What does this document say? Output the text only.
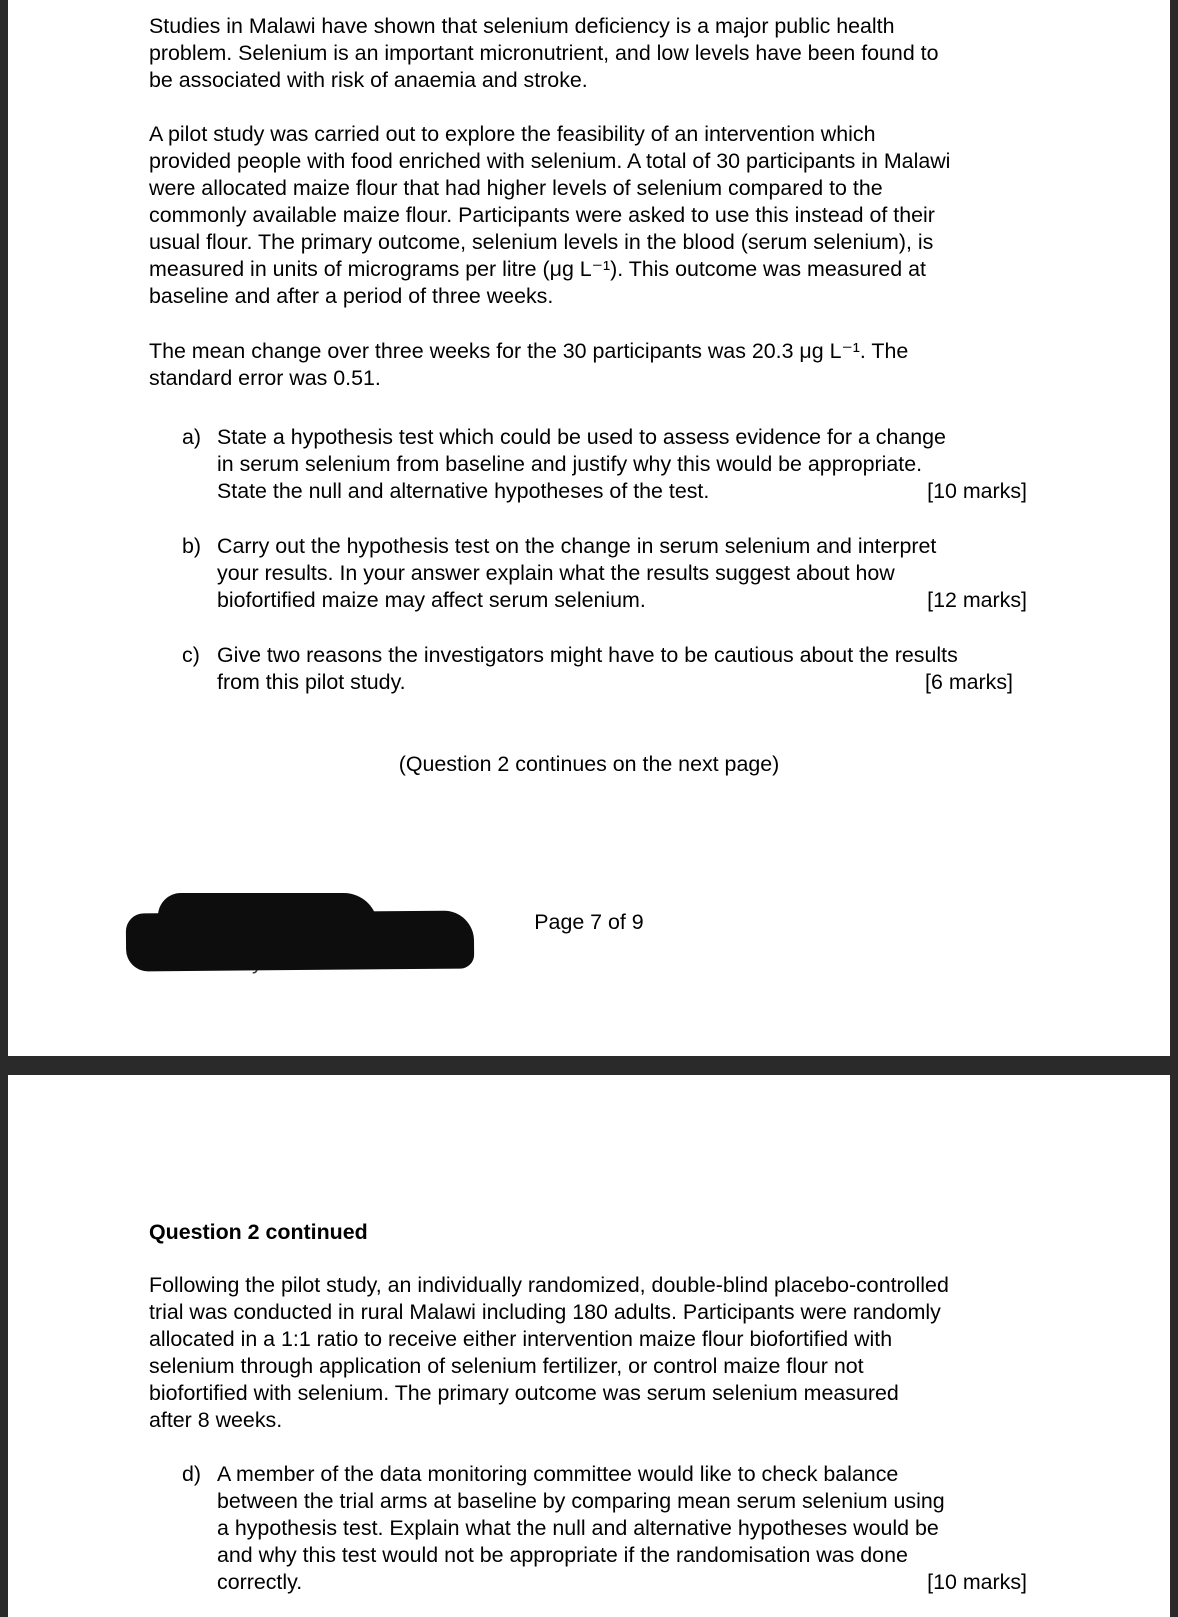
Studies in Malawi have shown that selenium deficiency is a major public health
problem. Selenium is an important micronutrient, and low levels have been found to
be associated with risk of anaemia and stroke.

A pilot study was carried out to explore the feasibility of an intervention which
provided people with food enriched with selenium. A total of 30 participants in Malawi
were allocated maize flour that had higher levels of selenium compared to the
commonly available maize flour. Participants were asked to use this instead of their
usual flour. The primary outcome, selenium levels in the blood (serum selenium), is
measured in units of micrograms per litre (μg L⁻¹). This outcome was measured at
baseline and after a period of three weeks.

The mean change over three weeks for the 30 participants was 20.3 μg L⁻¹. The
standard error was 0.51.

a) State a hypothesis test which could be used to assess evidence for a change
in serum selenium from baseline and justify why this would be appropriate.
State the null and alternative hypotheses of the test.	[10 marks]
b) Carry out the hypothesis test on the change in serum selenium and interpret
your results. In your answer explain what the results suggest about how
biofortified maize may affect serum selenium.	[12 marks]
c) Give two reasons the investigators might have to be cautious about the results
from this pilot study.	[6 marks]
(Question 2 continues on the next page)
Page 7 of 9
Question 2 continued

Following the pilot study, an individually randomized, double-blind placebo-controlled
trial was conducted in rural Malawi including 180 adults. Participants were randomly
allocated in a 1:1 ratio to receive either intervention maize flour biofortified with
selenium through application of selenium fertilizer, or control maize flour not
biofortified with selenium. The primary outcome was serum selenium measured
after 8 weeks.

d) A member of the data monitoring committee would like to check balance
between the trial arms at baseline by comparing mean serum selenium using
a hypothesis test. Explain what the null and alternative hypotheses would be
and why this test would not be appropriate if the randomisation was done
correctly.	[10 marks]
